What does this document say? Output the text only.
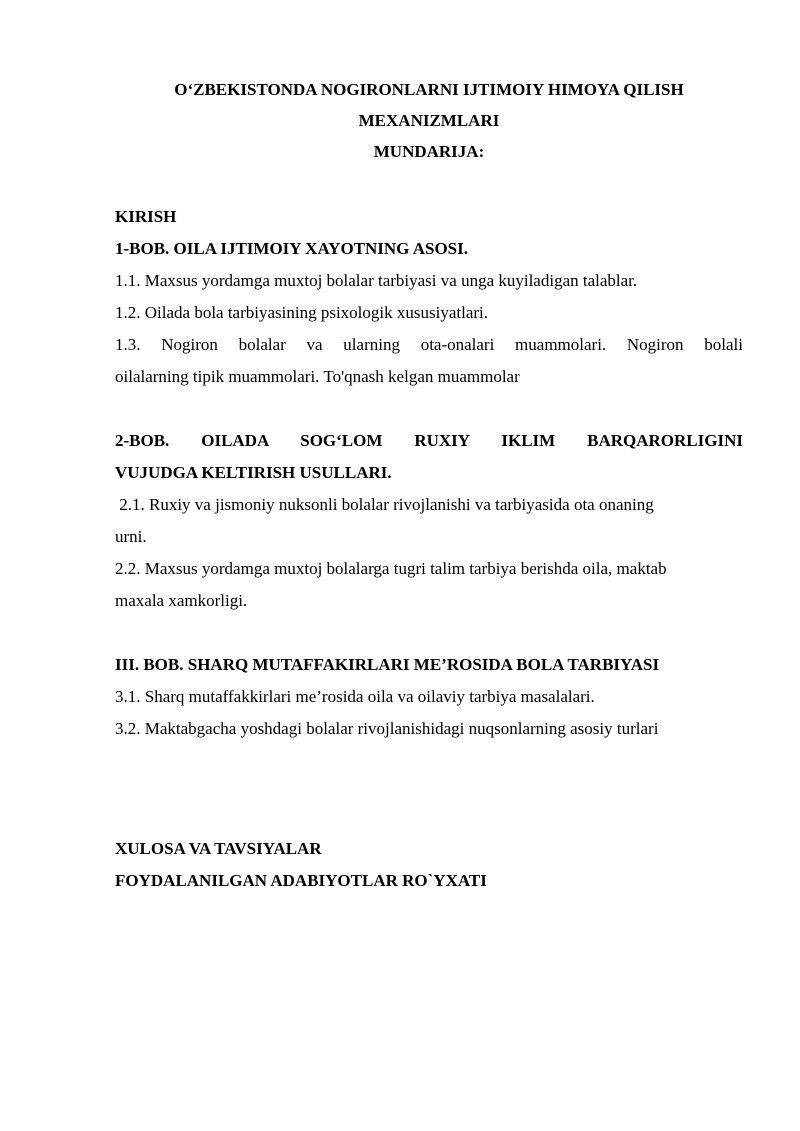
O‘ZBEKISTONDA NOGIRONLARNI IJTIMOIY HIMOYA QILISH
MEXANIZMLARI
MUNDARIJA:
KIRISH
1-BOB. OILA IJTIMOIY XAYOTNING ASOSI.
1.1. Maxsus yordamga muxtoj bolalar tarbiyasi va unga kuyiladigan talablar.
1.2. Oilada bola tarbiyasining psixologik xususiyatlari.
1.3. Nogiron bolalar va ularning ota-onalari muammolari. Nogiron bolali
oilalarning tipik muammolari. To'qnash kelgan muammolar
2-BOB. OILADA SOG‘LOM RUXIY IKLIM BARQARORLIGINI
VUJUDGA KELTIRISH USULLARI.
2.1. Ruxiy va jismoniy nuksonli bolalar rivojlanishi va tarbiyasida ota onaning
urni.
2.2. Maxsus yordamga muxtoj bolalarga tugri talim tarbiya berishda oila, maktab
maxala xamkorligi.
III. BOB. SHARQ MUTAFFAKIRLARI ME’ROSIDA BOLA TARBIYASI
3.1. Sharq mutaffakkirlari me’rosida oila va oilaviy tarbiya masalalari.
3.2. Maktabgacha yoshdagi bolalar rivojlanishidagi nuqsonlarning asosiy turlari
XULOSA VA TAVSIYALAR
FOYDALANILGAN ADABIYOTLAR RO`YXATI
